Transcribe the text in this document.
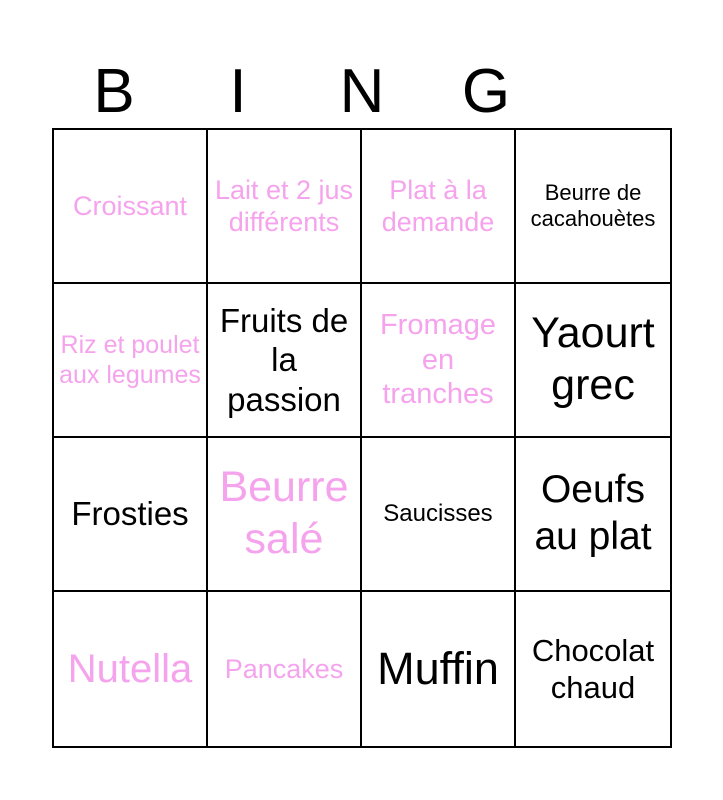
B	I	N	G
Croissant
Lait et 2 jus différents
Plat à la demande
Beurre de cacahouètes
Riz et poulet aux legumes
Fruits de la passion
Fromage en tranches
Yaourt grec
Frosties
Beurre salé
Saucisses
Oeufs au plat
Nutella	Pancakes Muffin	Chocolat chaud
